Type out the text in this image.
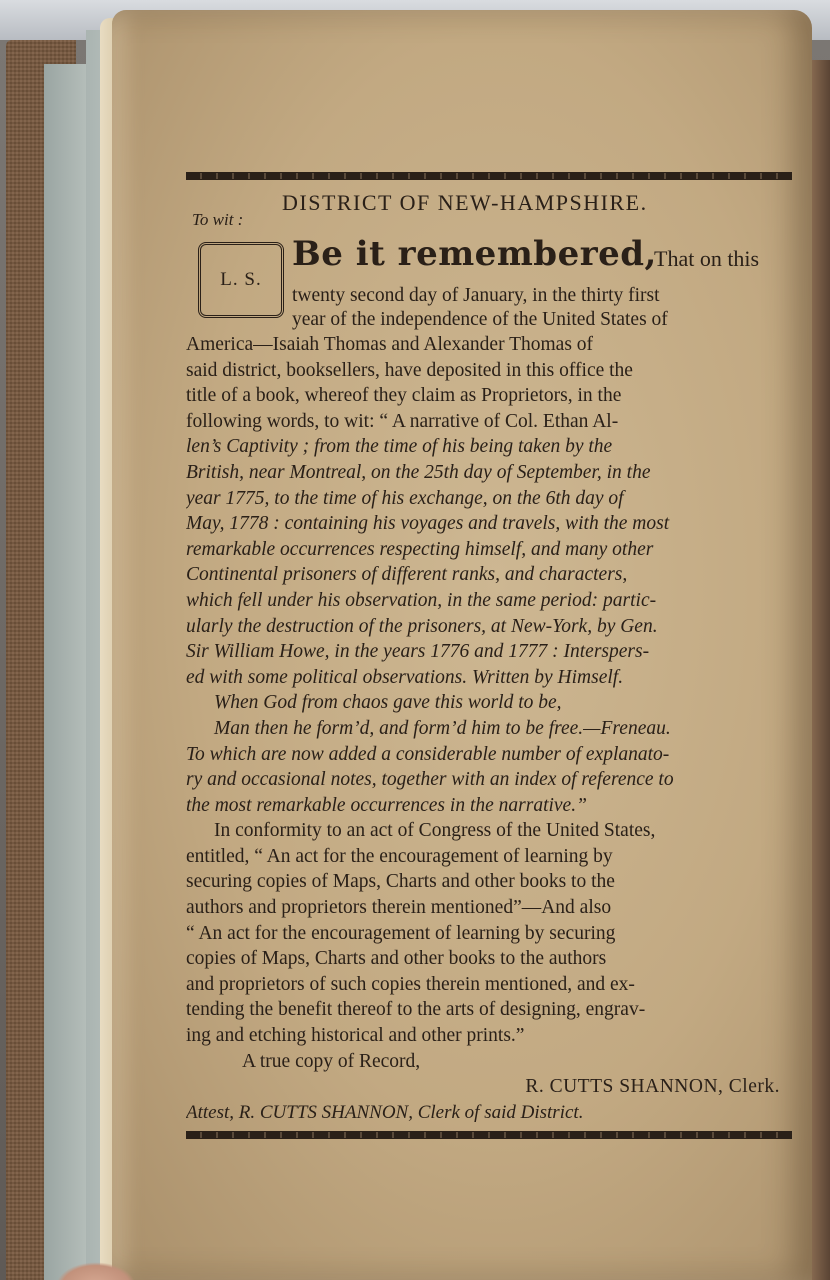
DISTRICT OF NEW-HAMPSHIRE.
To wit :
L. S.
Be it remembered,
That on this
twenty second day of January, in the thirty first
year of the independence of the United States of
America—Isaiah Thomas and Alexander Thomas of
said district, booksellers, have deposited in this office the
title of a book, whereof they claim as Proprietors, in the
following words, to wit: “ A narrative of Col. Ethan Al-
len’s Captivity ; from the time of his being taken by the
British, near Montreal, on the 25th day of September, in the
year 1775, to the time of his exchange, on the 6th day of
May, 1778 : containing his voyages and travels, with the most
remarkable occurrences respecting himself, and many other
Continental prisoners of different ranks, and characters,
which fell under his observation, in the same period: partic-
ularly the destruction of the prisoners, at New-York, by Gen.
Sir William Howe, in the years 1776 and 1777 : Interspers-
ed with some political observations. Written by Himself.
When God from chaos gave this world to be,
Man then he form’d, and form’d him to be free.—Freneau.
To which are now added a considerable number of explanato-
ry and occasional notes, together with an index of reference to
the most remarkable occurrences in the narrative.”
In conformity to an act of Congress of the United States,
entitled, “ An act for the encouragement of learning by
securing copies of Maps, Charts and other books to the
authors and proprietors therein mentioned”—And also
“ An act for the encouragement of learning by securing
copies of Maps, Charts and other books to the authors
and proprietors of such copies therein mentioned, and ex-
tending the benefit thereof to the arts of designing, engrav-
ing and etching historical and other prints.”
A true copy of Record,
R. CUTTS SHANNON, Clerk.
Attest, R. CUTTS SHANNON, Clerk of said District.
